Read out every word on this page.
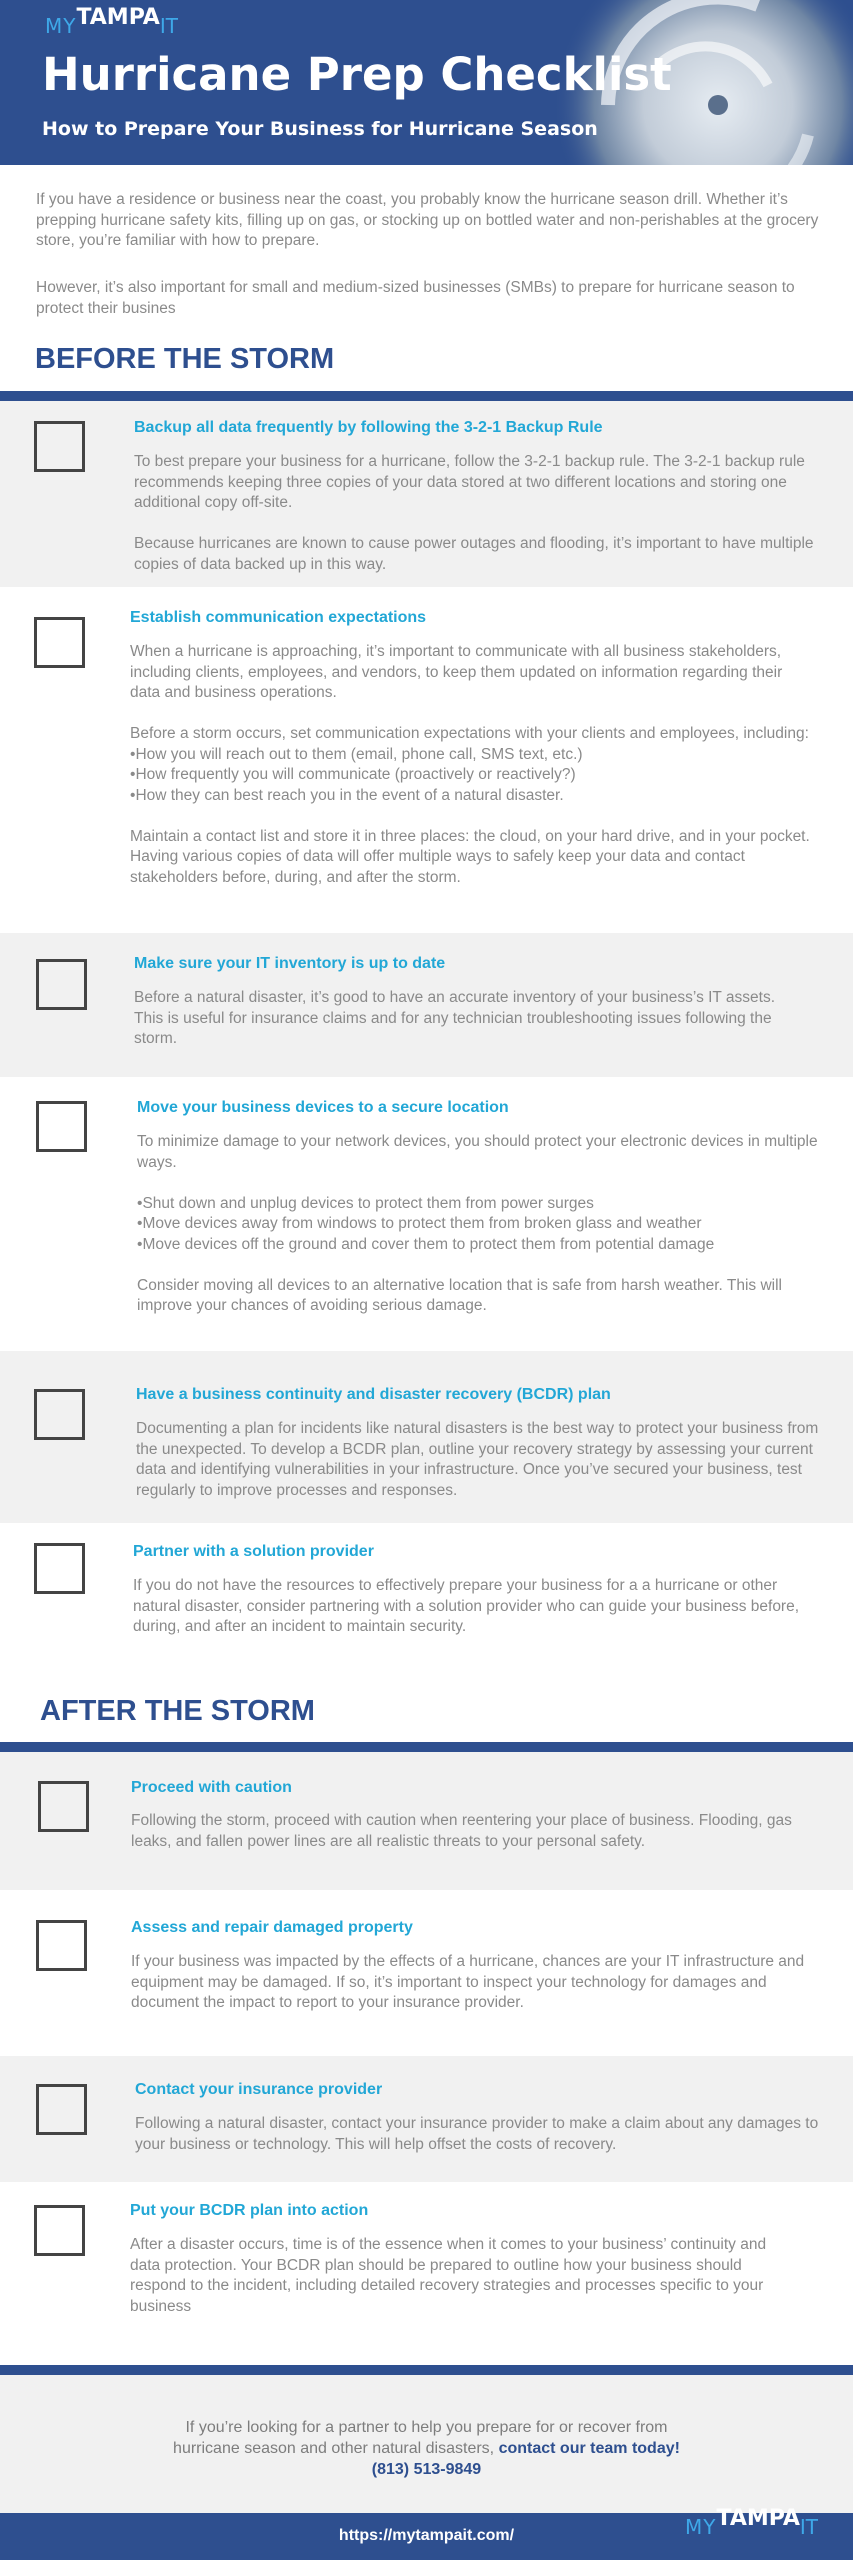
MYTAMPAIT
Hurricane Prep Checklist
How to Prepare Your Business for Hurricane Season

If you have a residence or business near the coast, you probably know the hurricane season drill. Whether it’s prepping hurricane safety kits, filling up on gas, or stocking up on bottled water and non-perishables at the grocery store, you’re familiar with how to prepare.

However, it’s also important for small and medium-sized businesses (SMBs) to prepare for hurricane season to protect their busines

BEFORE THE STORM
Backup all data frequently by following the 3-2-1 Backup Rule

To best prepare your business for a hurricane, follow the 3-2-1 backup rule. The 3-2-1 backup rule recommends keeping three copies of your data stored at two different locations and storing one additional copy off-site.

Because hurricanes are known to cause power outages and flooding, it’s important to have multiple copies of data backed up in this way.

Establish communication expectations

When a hurricane is approaching, it’s important to communicate with all business stakeholders, including clients, employees, and vendors, to keep them updated on information regarding their data and business operations.

Before a storm occurs, set communication expectations with your clients and employees, including:

• How you will reach out to them (email, phone call, SMS text, etc.)
• How frequently you will communicate (proactively or reactively?)
• How they can best reach you in the event of a natural disaster.

Maintain a contact list and store it in three places: the cloud, on your hard drive, and in your pocket. Having various copies of data will offer multiple ways to safely keep your data and contact stakeholders before, during, and after the storm.

Make sure your IT inventory is up to date

Before a natural disaster, it’s good to have an accurate inventory of your business’s IT assets. This is useful for insurance claims and for any technician troubleshooting issues following the storm.

Move your business devices to a secure location

To minimize damage to your network devices, you should protect your electronic devices in multiple ways.

• Shut down and unplug devices to protect them from power surges
• Move devices away from windows to protect them from broken glass and weather
• Move devices off the ground and cover them to protect them from potential damage

Consider moving all devices to an alternative location that is safe from harsh weather. This will improve your chances of avoiding serious damage.

Have a business continuity and disaster recovery (BCDR) plan

Documenting a plan for incidents like natural disasters is the best way to protect your business from the unexpected. To develop a BCDR plan, outline your recovery strategy by assessing your current data and identifying vulnerabilities in your infrastructure. Once you’ve secured your business, test regularly to improve processes and responses.

Partner with a solution provider

If you do not have the resources to effectively prepare your business for a a hurricane or other natural disaster, consider partnering with a solution provider who can guide your business before, during, and after an incident to maintain security.

AFTER THE STORM
Proceed with caution

Following the storm, proceed with caution when reentering your place of business. Flooding, gas leaks, and fallen power lines are all realistic threats to your personal safety.

Assess and repair damaged property

If your business was impacted by the effects of a hurricane, chances are your IT infrastructure and equipment may be damaged. If so, it’s important to inspect your technology for damages and document the impact to report to your insurance provider.

Contact your insurance provider

Following a natural disaster, contact your insurance provider to make a claim about any damages to your business or technology. This will help offset the costs of recovery.

Put your BCDR plan into action

After a disaster occurs, time is of the essence when it comes to your business’ continuity and data protection. Your BCDR plan should be prepared to outline how your business should respond to the incident, including detailed recovery strategies and processes specific to your business

If you’re looking for a partner to help you prepare for or recover from
hurricane season and other natural disasters, contact our team today!
(813) 513-9849
https://mytampait.com/	MYTAMPAIT
